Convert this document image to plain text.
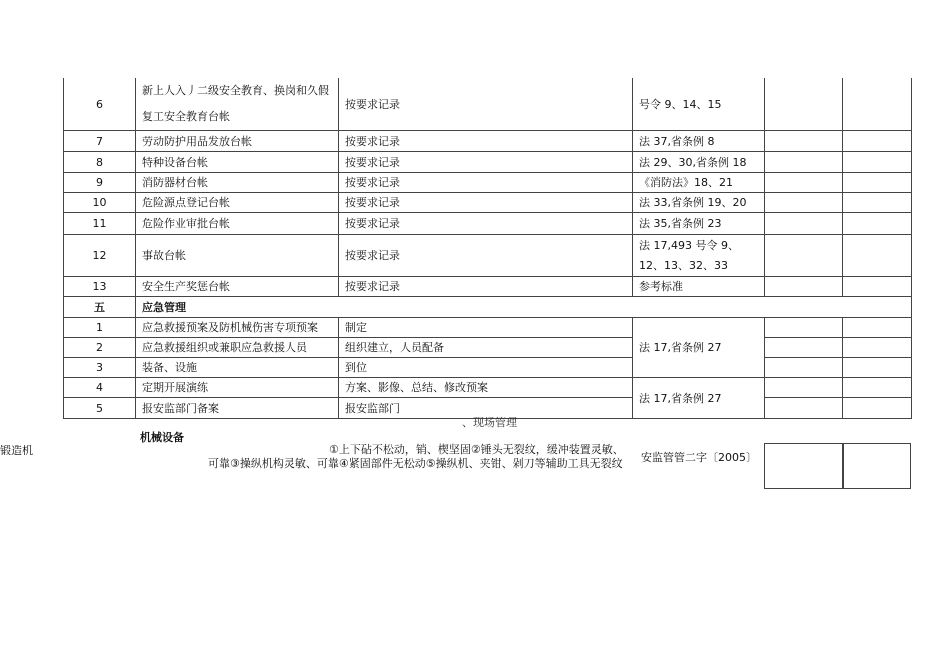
6	新上人入丿二级安全教育、换岗和久假复工安全教育台帐	按要求记录	号令 9、14、15		
7	劳动防护用品发放台帐	按要求记录	法 37,省条例 8		
8	特种设备台帐	按要求记录	法 29、30,省条例 18		
9	消防器材台帐	按要求记录	《消防法》18、21		
10	危险源点登记台帐	按要求记录	法 33,省条例 19、20		
11	危险作业审批台帐	按要求记录	法 35,省条例 23		
12	事故台帐	按要求记录	法 17,493 号令 9、12、13、32、33		

13	安全生产奖惩台帐	按要求记录	参考标准		
五	应急管理				
1	应急救援预案及防机械伤害专项预案	制定	法 17,省条例 27		
2	应急救援组织或兼职应急救援人员	组织建立，人员配备			
3	装备、设施	到位			
4	定期开展演练	方案、影像、总结、修改预案	法 17,省条例 27		
5	报安监部门备案	报安监部门			
、现场管理
机械设备
锻造机	①上下砧不松动，销、楔坚固②锤头无裂纹，缓冲装置灵敏、可靠③操纵机构灵敏、可靠④紧固部件无松动⑤操纵机、夹钳、剁刀等辅助工具无裂纹	安监管管二字〔2005〕
